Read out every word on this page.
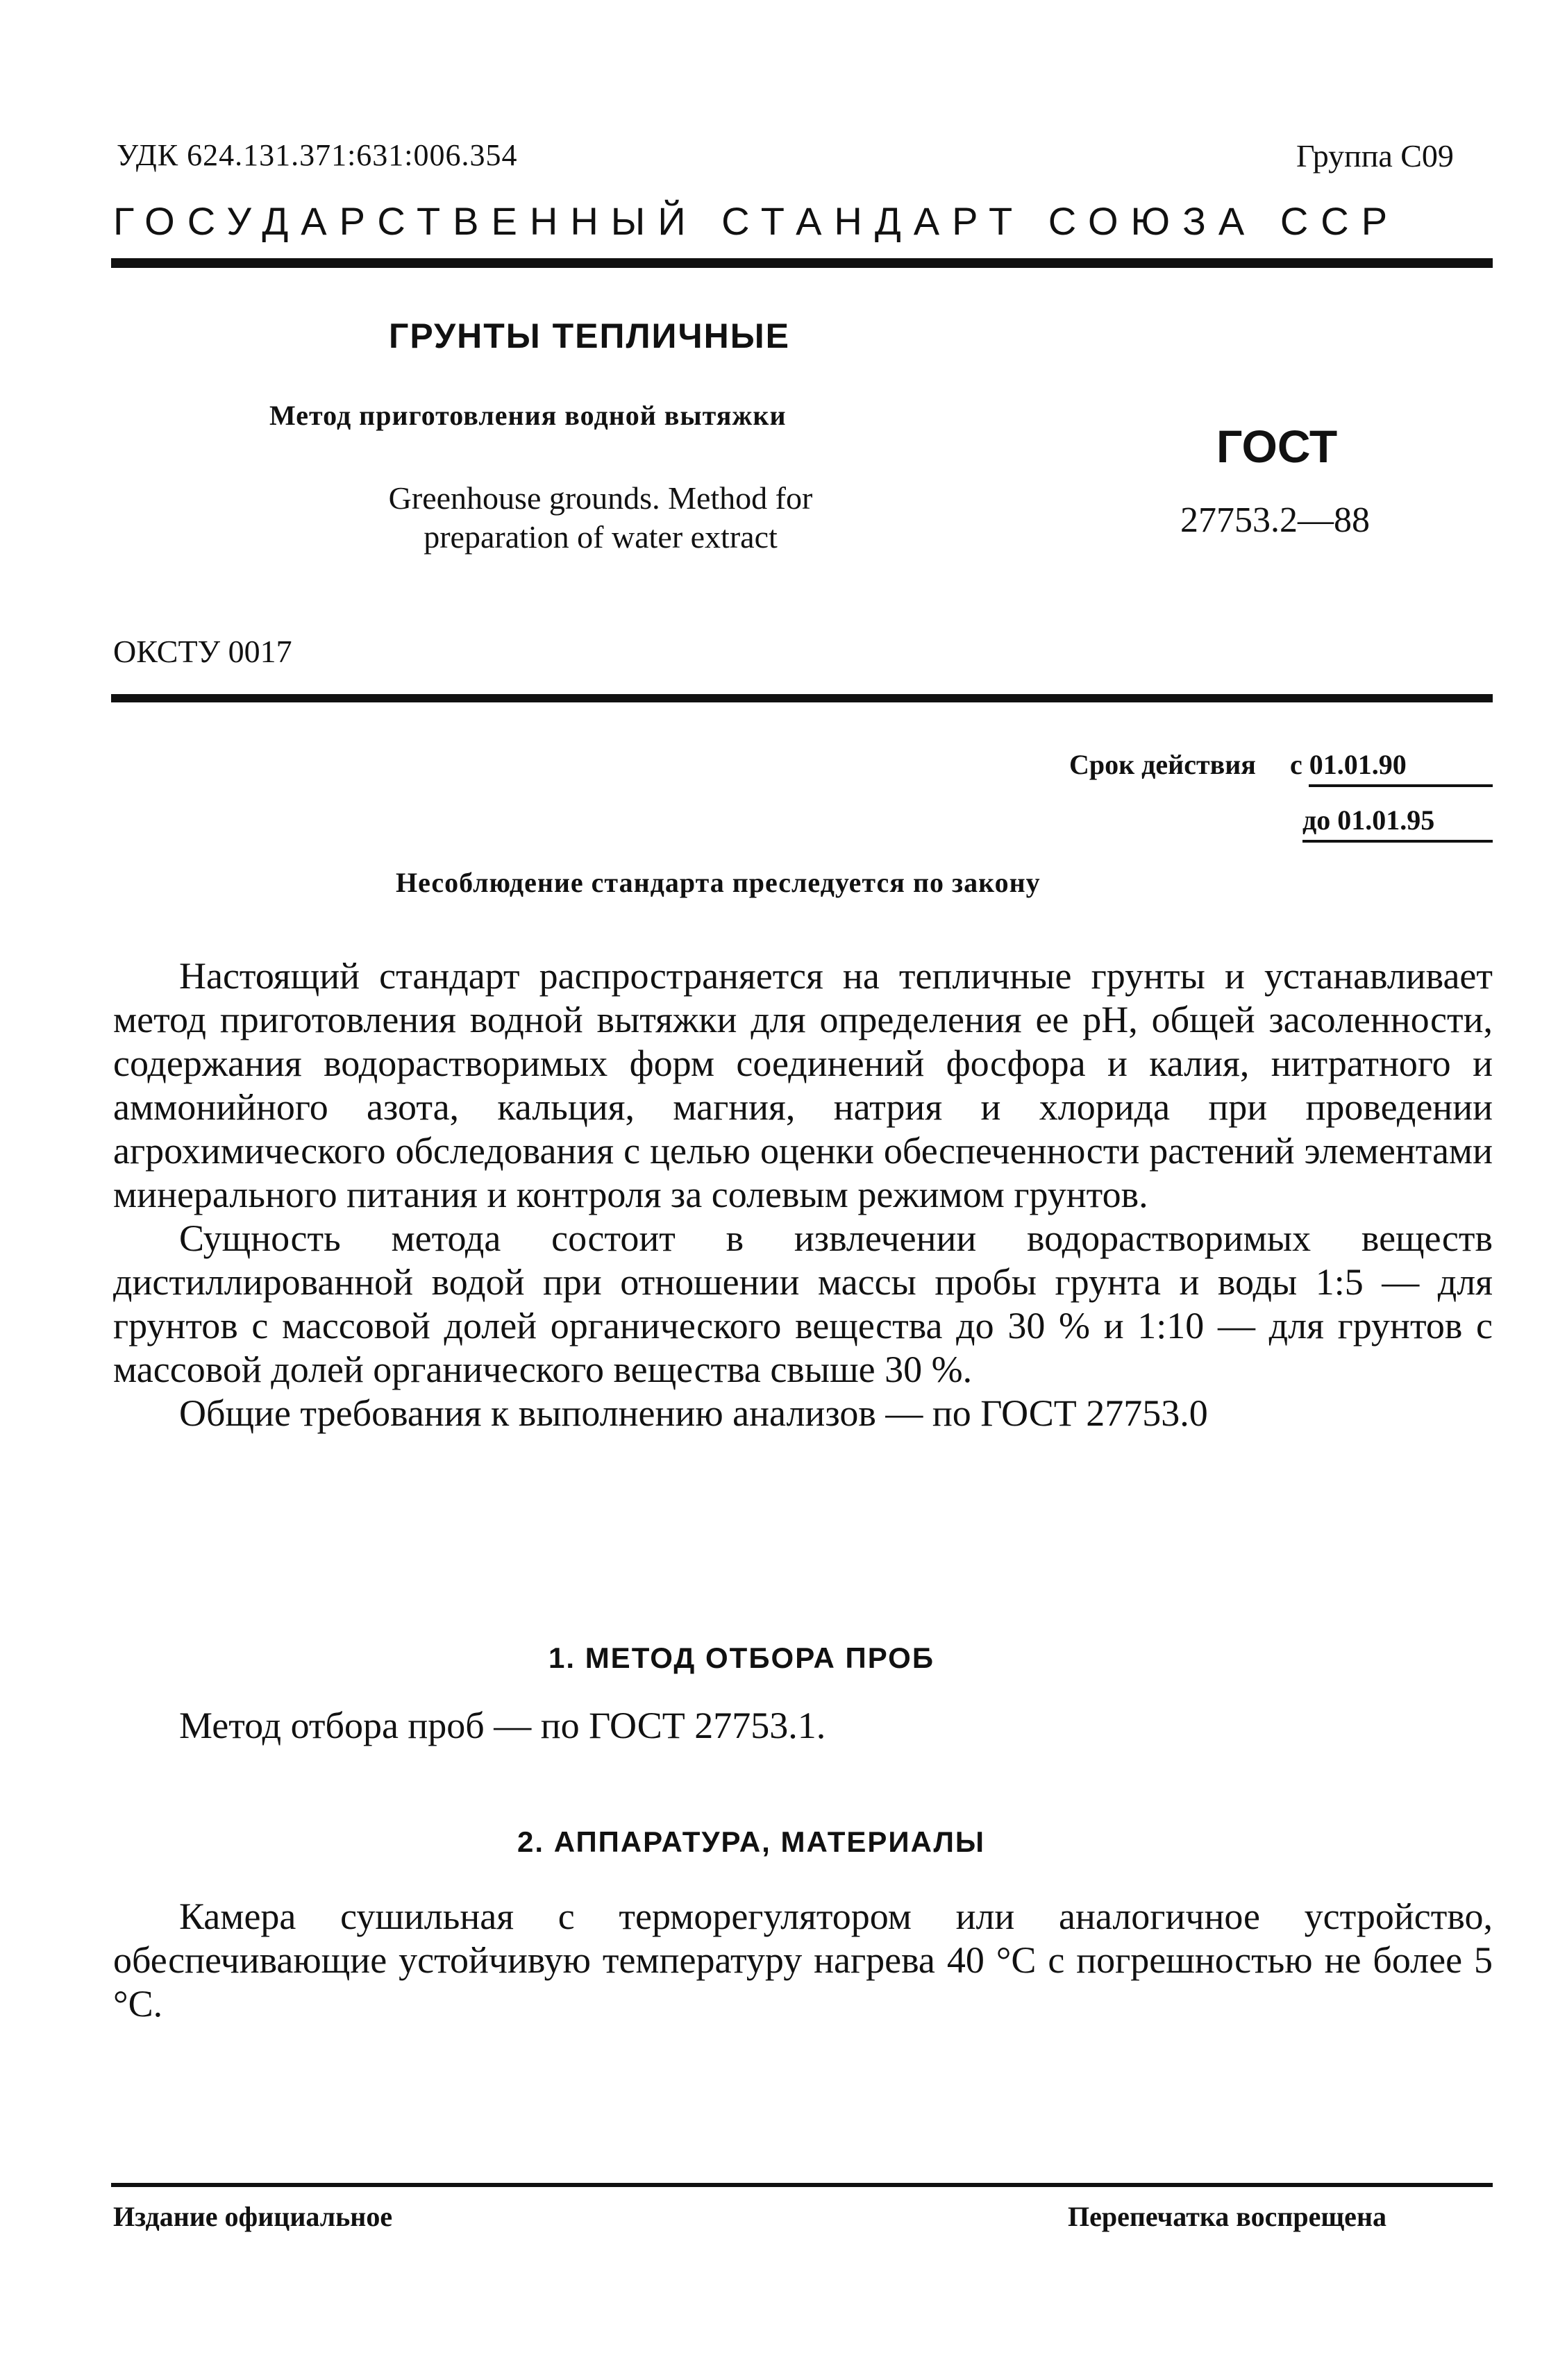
УДК 624.131.371:631:006.354	Группа С09
ГОСУДАРСТВЕННЫЙ СТАНДАРТ СОЮЗА ССР
ГРУНТЫ ТЕПЛИЧНЫЕ
Метод приготовления водной вытяжки
Greenhouse grounds. Method for preparation of water extract
ГОСТ
27753.2—88
ОКСТУ 0017
Срок действия с 01.01.90
до 01.01.95
Несоблюдение стандарта преследуется по закону

Настоящий стандарт распространяется на тепличные грунты и устанавливает метод приготовления водной вытяжки для определения ее pH, общей засоленности, содержания водорастворимых форм соединений фосфора и калия, нитратного и аммонийного азота, кальция, магния, натрия и хлорида при проведении агрохимического обследования с целью оценки обеспеченности растений элементами минерального питания и контроля за солевым режимом грунтов.

Сущность метода состоит в извлечении водорастворимых веществ дистиллированной водой при отношении массы пробы грунта и воды 1:5 — для грунтов с массовой долей органического вещества до 30 % и 1:10 — для грунтов с массовой долей органического вещества свыше 30 %.

Общие требования к выполнению анализов — по ГОСТ 27753.0

1. МЕТОД ОТБОРА ПРОБ
Метод отбора проб — по ГОСТ 27753.1.
2. АППАРАТУРА, МАТЕРИАЛЫ

Камера сушильная с терморегулятором или аналогичное устройство, обеспечивающие устойчивую температуру нагрева 40 °С с погрешностью не более 5 °С.

Издание официальное	Перепечатка воспрещена
